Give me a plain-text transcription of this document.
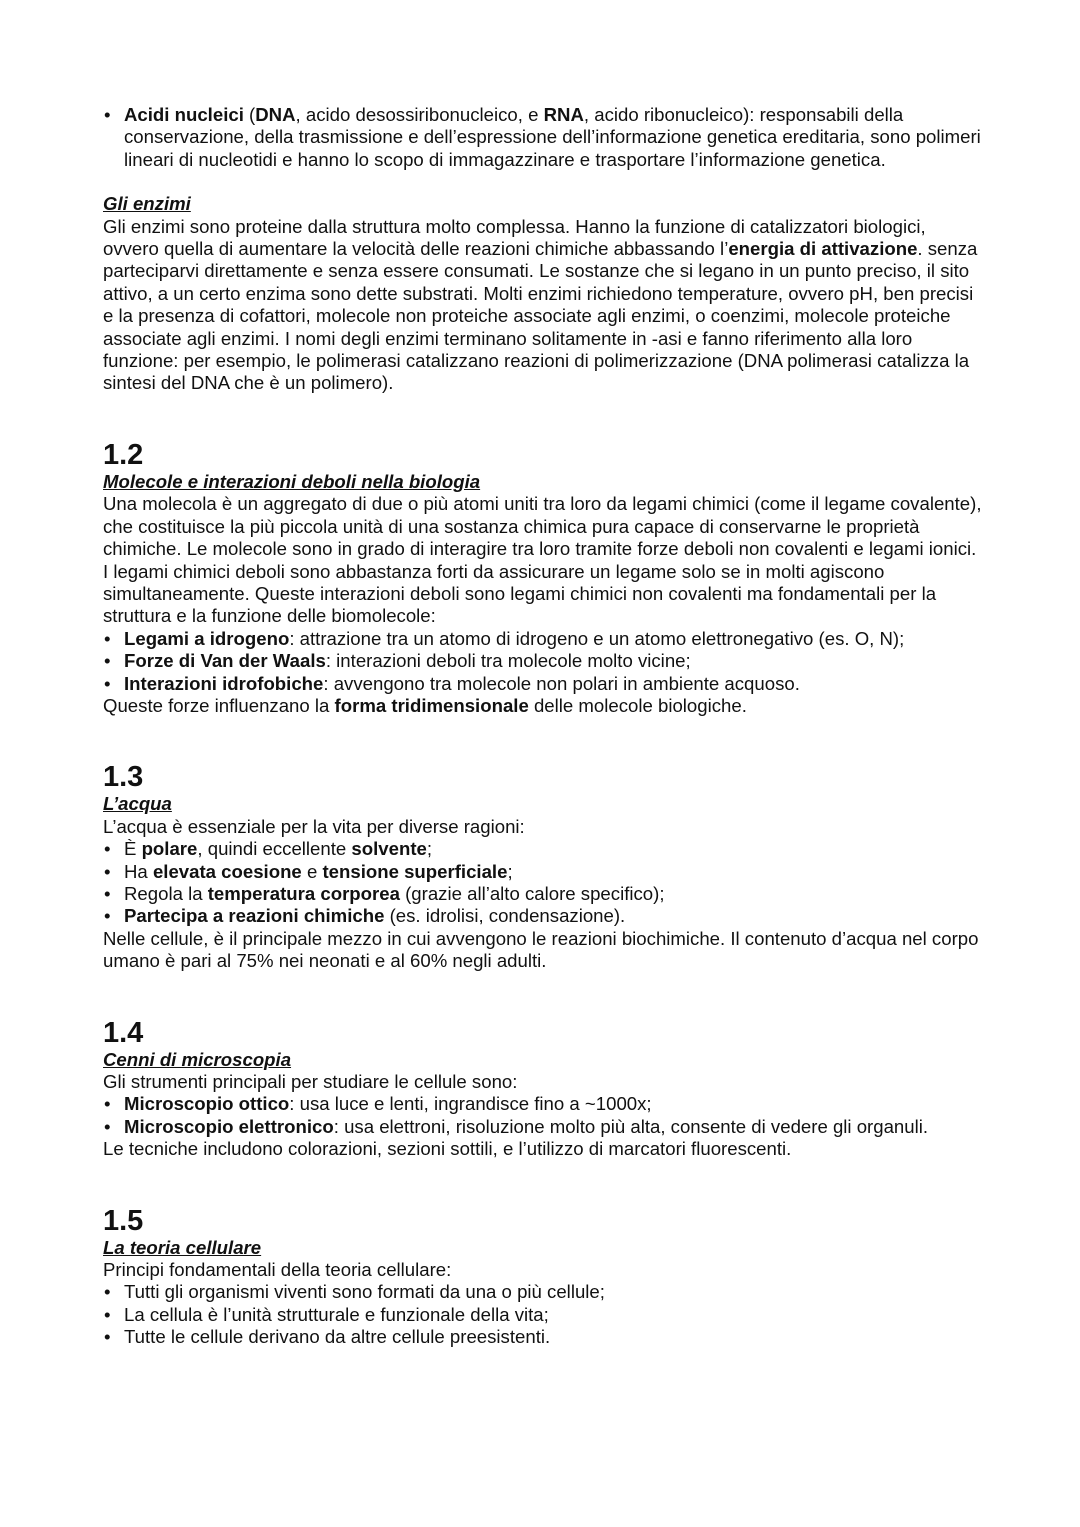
• Acidi nucleici (DNA, acido desossiribonucleico, e RNA, acido ribonucleico): responsabili della conservazione, della trasmissione e dell’espressione dell’informazione genetica ereditaria, sono polimeri lineari di nucleotidi e hanno lo scopo di immagazzinare e trasportare l’informazione genetica.

Gli enzimi

Gli enzimi sono proteine dalla struttura molto complessa. Hanno la funzione di catalizzatori biologici, ovvero quella di aumentare la velocità delle reazioni chimiche abbassando l’energia di attivazione. senza parteciparvi direttamente e senza essere consumati. Le sostanze che si legano in un punto preciso, il sito attivo, a un certo enzima sono dette substrati. Molti enzimi richiedono temperature, ovvero pH, ben precisi e la presenza di cofattori, molecole non proteiche associate agli enzimi, o coenzimi, molecole proteiche associate agli enzimi. I nomi degli enzimi terminano solitamente in -asi e fanno riferimento alla loro funzione: per esempio, le polimerasi catalizzano reazioni di polimerizzazione (DNA polimerasi catalizza la sintesi del DNA che è un polimero).

1.2

Molecole e interazioni deboli nella biologia

Una molecola è un aggregato di due o più atomi uniti tra loro da legami chimici (come il legame covalente), che costituisce la più piccola unità di una sostanza chimica pura capace di conservarne le proprietà chimiche. Le molecole sono in grado di interagire tra loro tramite forze deboli non covalenti e legami ionici. I legami chimici deboli sono abbastanza forti da assicurare un legame solo se in molti agiscono simultaneamente. Queste interazioni deboli sono legami chimici non covalenti ma fondamentali per la struttura e la funzione delle biomolecole:

• Legami a idrogeno: attrazione tra un atomo di idrogeno e un atomo elettronegativo (es. O, N);
• Forze di Van der Waals: interazioni deboli tra molecole molto vicine;
• Interazioni idrofobiche: avvengono tra molecole non polari in ambiente acquoso.

Queste forze influenzano la forma tridimensionale delle molecole biologiche.

1.3

L’acqua

L’acqua è essenziale per la vita per diverse ragioni:

• È polare, quindi eccellente solvente;
• Ha elevata coesione e tensione superficiale;
• Regola la temperatura corporea (grazie all’alto calore specifico);
• Partecipa a reazioni chimiche (es. idrolisi, condensazione).

Nelle cellule, è il principale mezzo in cui avvengono le reazioni biochimiche. Il contenuto d’acqua nel corpo umano è pari al 75% nei neonati e al 60% negli adulti.

1.4

Cenni di microscopia

Gli strumenti principali per studiare le cellule sono:

• Microscopio ottico: usa luce e lenti, ingrandisce fino a ~1000x;
• Microscopio elettronico: usa elettroni, risoluzione molto più alta, consente di vedere gli organuli.

Le tecniche includono colorazioni, sezioni sottili, e l’utilizzo di marcatori fluorescenti.

1.5

La teoria cellulare

Principi fondamentali della teoria cellulare:

• Tutti gli organismi viventi sono formati da una o più cellule;
• La cellula è l’unità strutturale e funzionale della vita;
• Tutte le cellule derivano da altre cellule preesistenti.
